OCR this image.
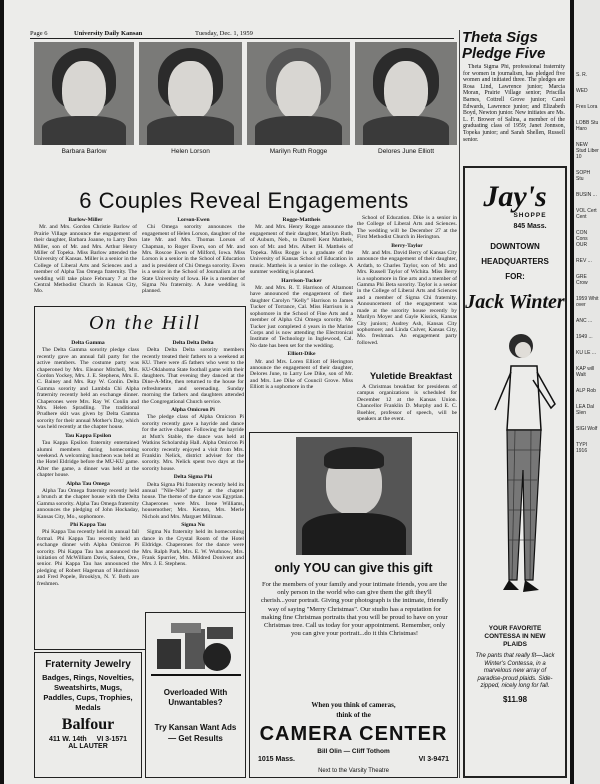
S. R.
WED
Fres Lora
LOBB Stu Haro
NEW Stud Liber 10
SOPH Stu
BUSIN ...
VOL Cert Cent
CON Cons OUR
REV ...
GRE Crow
1959 Whit over
ANC ...
1949 ...
KU LE ...
KAP will Walt
ALP Rob
LEA Dal Slen
SIGI Wolf
TYPI 1916
Page 6	University Daily Kansan	Tuesday, Dec. 1, 1959
Barbara Barlow	Helen Lorson	Marilyn Ruth Rogge	Delores June Elliott
6 Couples Reveal Engagements

Barlow-Miller

Mr. and Mrs. Gordon Christie Barlow of Prairie Village announce the engagement of their daughter, Barbara Joanne, to Larry Don Miller, son of Mr. and Mrs. Arthur Henry Miller of Topeka. Miss Barlow attended the University of Kansas. Miller is a senior in the College of Liberal Arts and Sciences and a member of Alpha Tau Omega fraternity. The wedding will take place February 7 at the Central Methodist Church in Kansas City, Mo.

Lorson-Ewen

Chi Omega sorority announces the engagement of Helen Lorson, daughter of the late Mr. and Mrs. Thomas Lorson of Chapman, to Roger Ewen, son of Mr. and Mrs. Roscoe Ewen of Milford, Iowa. Miss Lorson is a senior in the School of Education and is president of Chi Omega sorority. Ewen is a senior in the School of Journalism at the State University of Iowa. He is a member of Sigma Nu fraternity. A June wedding is planned.

Rogge-Mattheis

Mr. and Mrs. Henry Rogge announce the engagement of their daughter, Marilyn Ruth, of Auburn, Neb., to Darrell Kent Mattheis, son of Mr. and Mrs. Albert H. Mattheis of Topeka. Miss Rogge is a graduate of the University of Kansas School of Education in music. Mattheis is a senior in the college. A summer wedding is planned.

Harrison-Tucker

Mr. and Mrs. R. T. Harrison of Altamont have announced the engagement of their daughter Carolyn "Kelly" Harrison to James Tucker of Torrance, Cal. Miss Harrison is a sophomore in the School of Fine Arts and a member of Alpha Chi Omega sorority. Mr. Tucker just completed 4 years in the Marine Corps and is now attending the Electronical Institute of Technology in Inglewood, Cal. No date has been set for the wedding.

Elliott-Dike

Mr. and Mrs. Loren Elliott of Herington announce the engagement of their daughter, Delores June, to Larry Lee Dike, son of Mr. and Mrs. Lee Dike of Council Grove. Miss Elliott is a sophomore in the

School of Education. Dike is a senior in the College of Liberal Arts and Sciences. The wedding will be December 27 at the First Methodist Church in Herington.

Berry-Taylor

Mr. and Mrs. David Berry of Kansas City announce the engagement of their daughter, Ardath, to Charles Taylor, son of Mr. and Mrs. Russell Taylor of Wichita. Miss Berry is a sophomore in fine arts and a member of Gamma Phi Beta sorority. Taylor is a senior in the College of Liberal Arts and Sciences and a member of Sigma Chi fraternity. Announcement of the engagement was made at the sorority house recently by Marilyn Moyer and Gayle Kissick, Kansas City juniors; Audrey Ash, Kansas City sophomore; and Linda Culver, Kansas City, Mo. freshman. An engagement party followed.

Yuletide Breakfast

A Christmas breakfast for presidents of campus organizations is scheduled for December 12 at the Kansas Union. Chancellor Franklin D. Murphy and E. C. Buehler, professor of speech, will be speakers at the event.

On the Hill

Delta Gamma

The Delta Gamma sorority pledge class recently gave an annual fall party for the active members. The costume party was chaperoned by Mrs. Eleanor Mitchell, Mrs. Gordon Yockey, Mrs. J. E. Stephens, Mrs. E. C. Bainey and Mrs. Ray W. Conlin. Delta Gamma sorority and Lambda Chi Alpha fraternity recently held an exchange dinner. Chaperones were Mrs. Ray W. Conlin and Mrs. Helen Spradling. The traditional Prudhere skit was given by Delta Gamma sorority for their annual Mother's Day, which was held recently at the chapter house.

Tau Kappa Epsilon

Tau Kappa Epsilon fraternity entertained alumni members during homecoming weekend. A welcoming luncheon was held at the Hotel Eldridge before the MU-KU game. After the game, a dinner was held at the chapter house.

Alpha Tau Omega

Alpha Tau Omega fraternity recently held a brunch at the chapter house with the Delta Gamma sorority. Alpha Tau Omega fraternity announces the pledging of John Hockaday, Kansas City, Mo., sophomore.

Phi Kappa Tau

Phi Kappa Tau recently held its annual fall formal. Phi Kappa Tau recently held an exchange dinner with Alpha Omicron Pi sorority. Phi Kappa Tau has announced the initiation of McWilliam Davis, Salem, Ore., senior. Phi Kappa Tau has announced the pledging of Robert Hageman of Hutchinson and Fred Popele, Brooklyn, N. Y. Both are freshmen.

Delta Delta Delta

Delta Delta Delta sorority members recently treated their fathers to a weekend at KU. There were 45 fathers who went to the KU-Oklahoma State football game with their daughters. That evening they danced at the Dine-A-Mite, then returned to the house for refreshments and serenading. Sunday morning the fathers and daughters attended the Congregational Church service.

Alpha Omicron Pi

The pledge class of Alpha Omicron Pi sorority recently gave a hayride and dance for the active chapter. Following the hayride at Mutt's Stable, the dance was held at Watkins Scholarship Hall. Alpha Omicron Pi sorority recently enjoyed a visit from Mrs. Franklin Nelick, district adviser for the sorority. Mrs. Nelick spent two days at the sorority house.

Delta Sigma Phi

Delta Sigma Phi fraternity recently held its annual "Nile-Nile" party at the chapter house. The theme of the dance was Egyptian. Chaperones were Mrs. Irene Williams, housemother; Mrs. Kenton, Mrs. Merle Nichols and Mrs. Marguet Millman.

Sigma Nu

Sigma Nu fraternity held its homecoming dance in the Crystal Room of the Hotel Eldridge. Chaperones for the dance were Mrs. Ralph Park, Mrs. E. W. Wuthnow, Mrs. Frank Spurrier, Mrs. Mildred Donivent and Mrs. J. E. Stephens.

Fraternity Jewelry
Badges, Rings, Novelties, Sweatshirts, Mugs, Paddles, Cups, Trophies, Medals
Balfour
411 W. 14th VI 3-1571
AL LAUTER
Overloaded With Unwantables?
Try Kansan Want Ads— Get Results
only YOU can give this gift
For the members of your family and your intimate friends, you are the only person in the world who can give them the gift they'll cherish...your portrait. Giving your photograph is the intimate, friendly way of saying "Merry Christmas". Our studio has a reputation for making fine Christmas portraits that you will be proud to have on your Christmas tree. Call us today for your appointment. Remember, only you can give your portrait...do it this Christmas!
When you think of cameras,
think of the
CAMERA CENTER
Bill Olin — Cliff Tothom
1015 Mass.	VI 3-9471
Next to the Varsity Theatre
Theta Sigs Pledge Five

Theta Sigma Phi, professional fraternity for women in journalism, has pledged five women and initiated three. The pledges are Rosa Lind, Lawrence junior; Marcia Moran, Prairie Village senior; Priscilla Barnes, Cottrell Grove junior; Carol Edwards, Lawrence junior; and Elizabeth Boyd, Newton junior. New initiates are Ms. L. F. Brower of Salina, a member of the graduating class of 1959; Janet Jonnson, Topeka junior; and Sarah Shellen, Russell senior.

Jay's
SHOPPE
845 Mass.
DOWNTOWN
HEADQUARTERS
FOR:
Jack Winter
YOUR FAVORITE CONTESSA IN NEW PLAIDS
The pants that really fit—Jack Winter's Contessa, in a marvelous new array of paradise-proud plaids. Side-zipped, nicely long for fall.
$11.98
